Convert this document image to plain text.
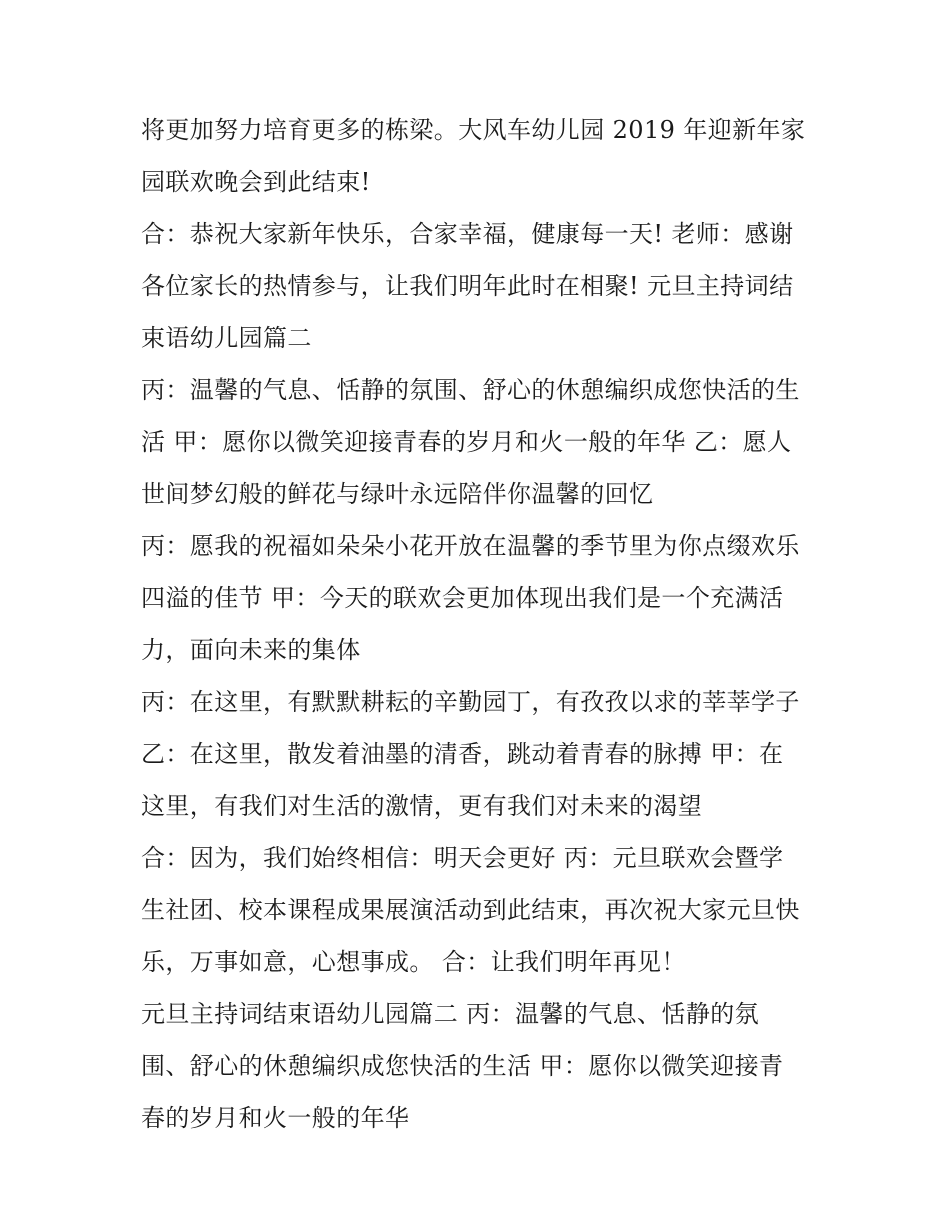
将更加努力培育更多的栋梁。大风车幼儿园 2019 年迎新年家
园联欢晚会到此结束!
合：恭祝大家新年快乐，合家幸福，健康每一天! 老师：感谢
各位家长的热情参与，让我们明年此时在相聚! 元旦主持词结
束语幼儿园篇二
丙：温馨的气息、恬静的氛围、舒心的休憩编织成您快活的生
活 甲：愿你以微笑迎接青春的岁月和火一般的年华 乙：愿人
世间梦幻般的鲜花与绿叶永远陪伴你温馨的回忆
丙：愿我的祝福如朵朵小花开放在温馨的季节里为你点缀欢乐
四溢的佳节 甲：今天的联欢会更加体现出我们是一个充满活
力，面向未来的集体
丙：在这里，有默默耕耘的辛勤园丁，有孜孜以求的莘莘学子
乙：在这里，散发着油墨的清香，跳动着青春的脉搏 甲：在
这里，有我们对生活的激情，更有我们对未来的渴望
合：因为，我们始终相信：明天会更好 丙：元旦联欢会暨学
生社团、校本课程成果展演活动到此结束，再次祝大家元旦快
乐，万事如意，心想事成。 合：让我们明年再见！
元旦主持词结束语幼儿园篇二 丙：温馨的气息、恬静的氛
围、舒心的休憩编织成您快活的生活 甲：愿你以微笑迎接青
春的岁月和火一般的年华
